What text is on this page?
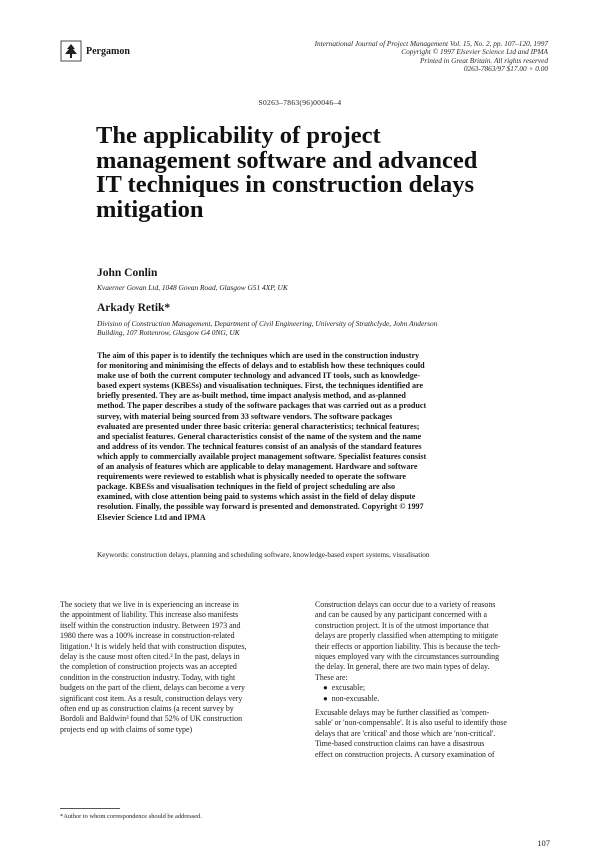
Pergamon
International Journal of Project Management Vol. 15, No. 2, pp. 107–120, 1997
Copyright © 1997 Elsevier Science Ltd and IPMA
Printed in Great Britain. All rights reserved
0263-7863/97 $17.00 + 0.00
S0263–7863(96)00046–4
The applicability of project
management software and advanced
IT techniques in construction delays
mitigation
John Conlin
Kvaerner Govan Ltd, 1048 Govan Road, Glasgow G51 4XP, UK
Arkady Retik*
Division of Construction Management, Department of Civil Engineering, University of Strathclyde, John Anderson
Building, 107 Rottenrow, Glasgow G4 0NG, UK
The aim of this paper is to identify the techniques which are used in the construction industry
for monitoring and minimising the effects of delays and to establish how these techniques could
make use of both the current computer technology and advanced IT tools, such as knowledge-
based expert systems (KBESs) and visualisation techniques. First, the techniques identified are
briefly presented. They are as-built method, time impact analysis method, and as-planned
method. The paper describes a study of the software packages that was carried out as a product
survey, with material being sourced from 33 software vendors. The software packages
evaluated are presented under three basic criteria: general characteristics; technical features;
and specialist features. General characteristics consist of the name of the system and the name
and address of its vendor. The technical features consist of an analysis of the standard features
which apply to commercially available project management software. Specialist features consist
of an analysis of features which are applicable to delay management. Hardware and software
requirements were reviewed to establish what is physically needed to operate the software
package. KBESs and visualisation techniques in the field of project scheduling are also
examined, with close attention being paid to systems which assist in the field of delay dispute
resolution. Finally, the possible way forward is presented and demonstrated. Copyright © 1997
Elsevier Science Ltd and IPMA
Keywords: construction delays, planning and scheduling software, knowledge-based expert systems, visualisation
The society that we live in is experiencing an increase in
the appointment of liability. This increase also manifests
itself within the construction industry. Between 1973 and
1980 there was a 100% increase in construction-related
litigation.¹ It is widely held that with construction disputes,
delay is the cause most often cited.² In the past, delays in
the completion of construction projects was an accepted
condition in the construction industry. Today, with tight
budgets on the part of the client, delays can become a very
significant cost item. As a result, construction delays very
often end up as construction claims (a recent survey by
Bordoli and Baldwin³ found that 52% of UK construction
projects end up with claims of some type)
Construction delays can occur due to a variety of reasons
and can be caused by any participant concerned with a
construction project. It is of the utmost importance that
delays are properly classified when attempting to mitigate
their effects or apportion liability. This is because the tech-
niques employed vary with the circumstances surrounding
the delay. In general, there are two main types of delay.
These are:
●  excusable;
●  non-excusable.
Excusable delays may be further classified as 'compen-
sable' or 'non-compensable'. It is also useful to identify those
delays that are 'critical' and those which are 'non-critical'.
Time-based construction claims can have a disastrous
effect on construction projects. A cursory examination of
*Author to whom correspondence should be addressed.
107
